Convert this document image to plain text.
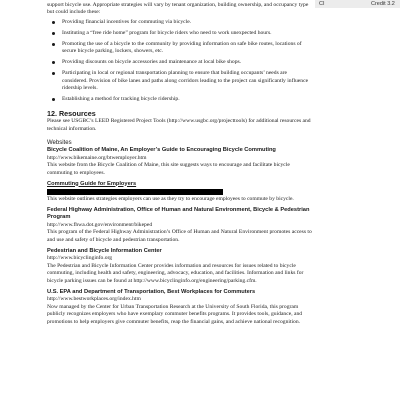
CI	Credit 3.2

support bicycle use. Appropriate strategies will vary by tenant organization, building ownership, and occupancy type but could include these:

Providing financial incentives for commuting via bicycle.
Instituting a “free ride home” program for bicycle riders who need to work unexpected hours.
Promoting the use of a bicycle to the community by providing information on safe bike routes, locations of secure bicycle parking, lockers, showers, etc.
Providing discounts on bicycle accessories and maintenance at local bike shops.
Participating in local or regional transportation planning to ensure that building occupants’ needs are considered. Provision of bike lanes and paths along corridors leading to the project can significantly influence ridership levels.
Establishing a method for tracking bicycle ridership.
12. Resources

Please see USGBC’s LEED Registered Project Tools (http://www.usgbc.org/projecttools) for additional resources and technical information.

Websites
Bicycle Coalition of Maine, An Employer’s Guide to Encouraging Bicycle Commuting
http://www.bikemaine.org/btwemployer.htm
This website from the Bicycle Coalition of Maine, this site suggests ways to encourage and facilitate bicycle commuting to employees.
Commuting Guide for Employers
This website outlines strategies employers can use as they try to encourage employees to commute by bicycle.
Federal Highway Administration, Office of Human and Natural Environment, Bicycle & Pedestrian Program
http://www.fhwa.dot.gov/environment/bikeped
This program of the Federal Highway Administration’s Office of Human and Natural Environment promotes access to and use and safety of bicycle and pedestrian transportation.
Pedestrian and Bicycle Information Center
http://www.bicyclinginfo.org
The Pedestrian and Bicycle Information Center provides information and resources for issues related to bicycle commuting, including health and safety, engineering, advocacy, education, and facilities. Information and links for bicycle parking issues can be found at http://www.bicyclinginfo.org/engineering/parking.cfm.
U.S. EPA and Department of Transportation, Best Workplaces for Commuters
http://www.bestworkplaces.org/index.htm
Now managed by the Center for Urban Transportation Research at the University of South Florida, this program publicly recognizes employers who have exemplary commuter benefits programs. It provides tools, guidance, and promotions to help employers give commuter benefits, reap the financial gains, and achieve national recognition.
